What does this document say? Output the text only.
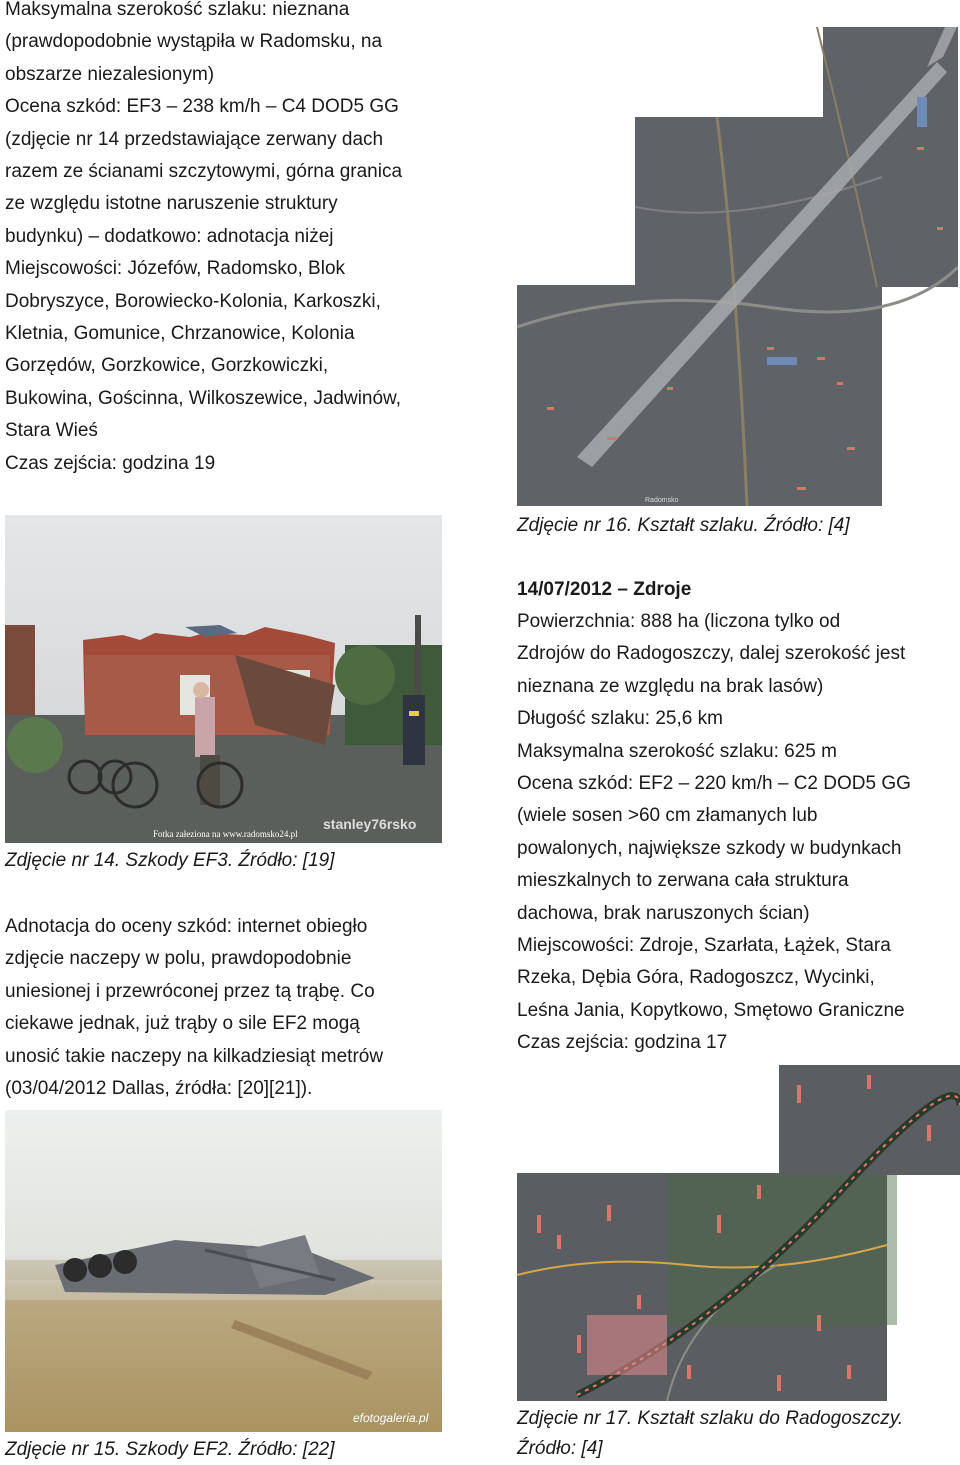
Maksymalna szerokość szlaku: nieznana
(prawdopodobnie wystąpiła w Radomsku, na
obszarze niezalesionym)
Ocena szkód: EF3 – 238 km/h – C4 DOD5 GG
(zdjęcie nr 14 przedstawiające zerwany dach
razem ze ścianami szczytowymi, górna granica
ze względu istotne naruszenie struktury
budynku) – dodatkowo: adnotacja niżej
Miejscowości: Józefów, Radomsko, Blok
Dobryszyce, Borowiecko-Kolonia, Karkoszki,
Kletnia, Gomunice, Chrzanowice, Kolonia
Gorzędów, Gorzkowice, Gorzkowiczki,
Bukowina, Gościnna, Wilkoszewice, Jadwinów,
Stara Wieś
Czas zejścia: godzina 19
Fotka załeziona na www.radomsko24.pl
stanley76rsko

Zdjęcie nr 14. Szkody EF3. Źródło: [19]

Adnotacja do oceny szkód: internet obiegło
zdjęcie naczepy w polu, prawdopodobnie
uniesionej i przewróconej przez tą trąbę. Co
ciekawe jednak, już trąby o sile EF2 mogą
unosić takie naczepy na kilkadziesiąt metrów
(03/04/2012 Dallas, źródła: [20][21]).
efotogaleria.pl

Zdjęcie nr 15. Szkody EF2. Źródło: [22]

Radomsko

Zdjęcie nr 16. Kształt szlaku. Źródło: [4]

14/07/2012 – Zdroje

Powierzchnia: 888 ha (liczona tylko od
Zdrojów do Radogoszczy, dalej szerokość jest
nieznana ze względu na brak lasów)
Długość szlaku: 25,6 km
Maksymalna szerokość szlaku: 625 m
Ocena szkód: EF2 – 220 km/h – C2 DOD5 GG
(wiele sosen >60 cm złamanych lub
powalonych, największe szkody w budynkach
mieszkalnych to zerwana cała struktura
dachowa, brak naruszonych ścian)
Miejscowości: Zdroje, Szarłata, Łążek, Stara
Rzeka, Dębia Góra, Radogoszcz, Wycinki,
Leśna Jania, Kopytkowo, Smętowo Graniczne
Czas zejścia: godzina 17

Zdjęcie nr 17. Kształt szlaku do Radogoszczy.
Źródło: [4]
